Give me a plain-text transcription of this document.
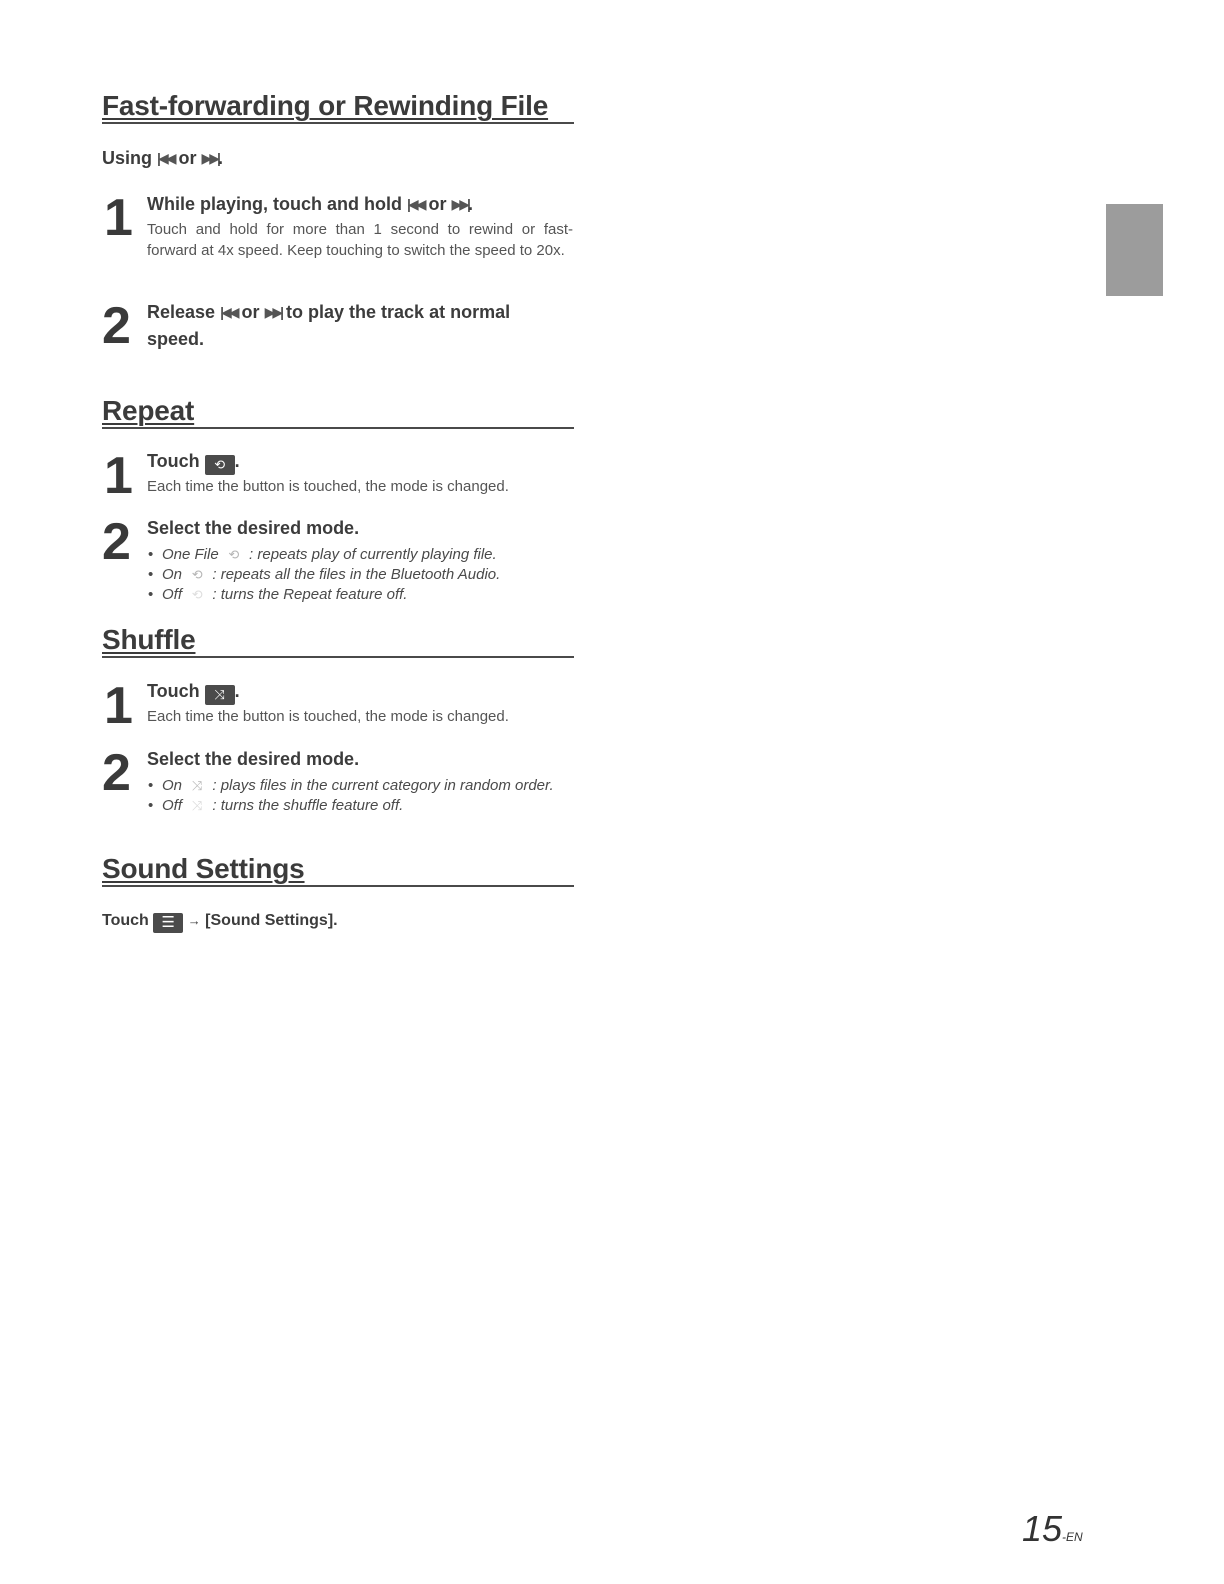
Fast-forwarding or Rewinding File
Using |◀◀ or ▶▶|.
1 While playing, touch and hold |◀◀ or ▶▶|.
Touch and hold for more than 1 second to rewind or fast-forward at 4x speed. Keep touching to switch the speed to 20x.
2 Release |◀◀ or ▶▶| to play the track at normal
speed.
Repeat
1 Touch ⟲ .
Each time the button is touched, the mode is changed.
2 Select the desired mode.
• One File ⟲ : repeats play of currently playing file.
• On ⟲ : repeats all the files in the Bluetooth Audio.
• Off ⟲ : turns the Repeat feature off.
Shuffle
1 Touch ⤨ .
Each time the button is touched, the mode is changed.
2 Select the desired mode.
• On ⤨ : plays files in the current category in random order.
• Off ⤨ : turns the shuffle feature off.
Sound Settings
Touch ☰ → [Sound Settings].
15-EN
